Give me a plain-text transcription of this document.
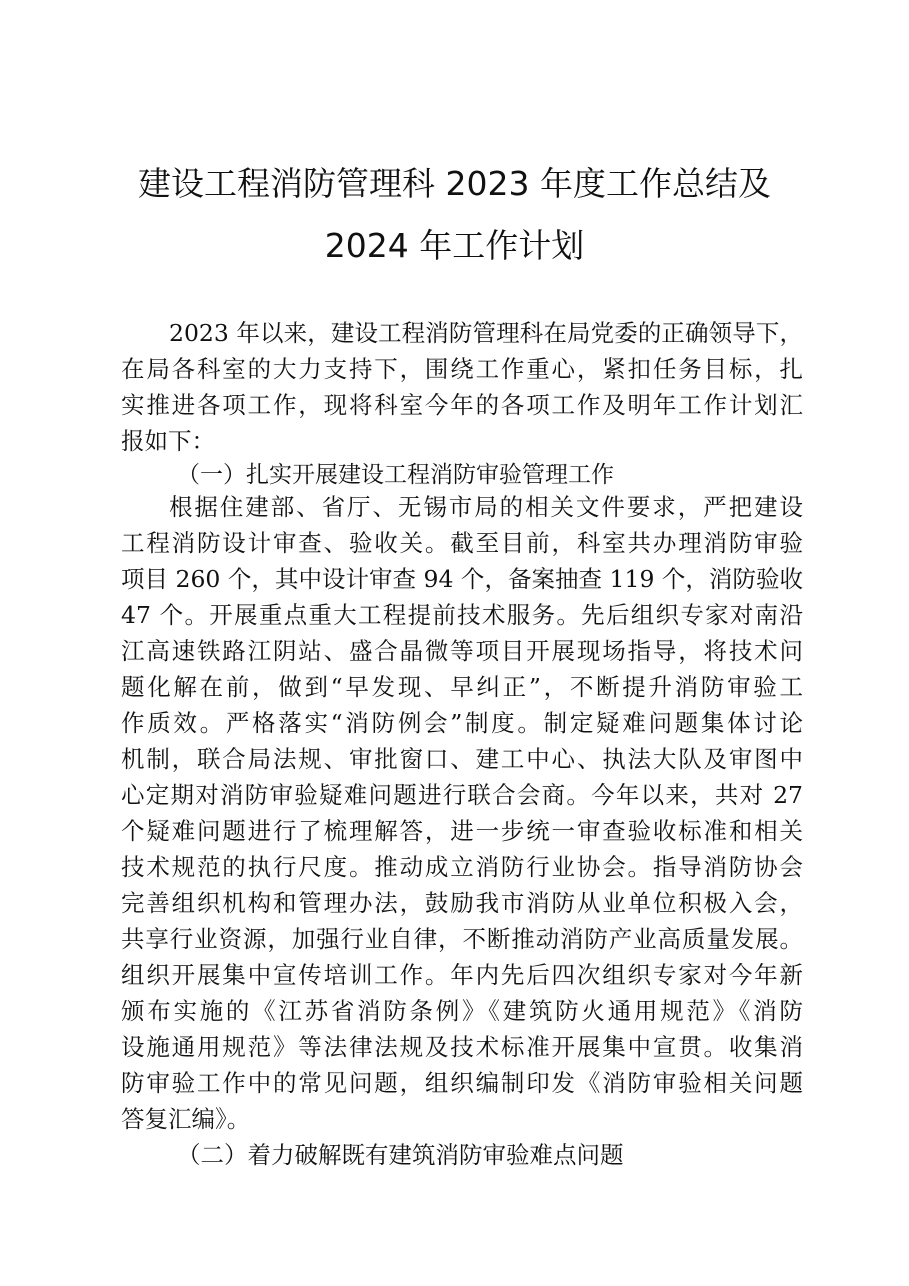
建设工程消防管理科 2023 年度工作总结及
2024 年工作计划
2023 年以来，建设工程消防管理科在局党委的正确领导下，
在局各科室的大力支持下，围绕工作重心，紧扣任务目标，扎
实推进各项工作，现将科室今年的各项工作及明年工作计划汇
报如下：
（一）扎实开展建设工程消防审验管理工作
根据住建部、省厅、无锡市局的相关文件要求，严把建设
工程消防设计审查、验收关。截至目前，科室共办理消防审验
项目 260 个，其中设计审查 94 个，备案抽查 119 个，消防验收
47 个。开展重点重大工程提前技术服务。先后组织专家对南沿
江高速铁路江阴站、盛合晶微等项目开展现场指导，将技术问
题化解在前，做到“早发现、早纠正”，不断提升消防审验工
作质效。严格落实“消防例会”制度。制定疑难问题集体讨论
机制，联合局法规、审批窗口、建工中心、执法大队及审图中
心定期对消防审验疑难问题进行联合会商。今年以来，共对 27
个疑难问题进行了梳理解答，进一步统一审查验收标准和相关
技术规范的执行尺度。推动成立消防行业协会。指导消防协会
完善组织机构和管理办法，鼓励我市消防从业单位积极入会，
共享行业资源，加强行业自律，不断推动消防产业高质量发展。
组织开展集中宣传培训工作。年内先后四次组织专家对今年新
颁布实施的《江苏省消防条例》《建筑防火通用规范》《消防
设施通用规范》等法律法规及技术标准开展集中宣贯。收集消
防审验工作中的常见问题，组织编制印发《消防审验相关问题
答复汇编》。
（二）着力破解既有建筑消防审验难点问题
